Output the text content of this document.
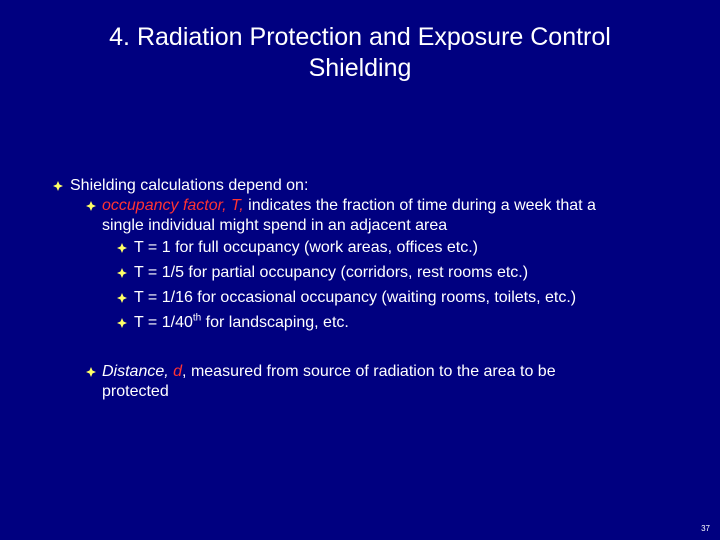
4. Radiation Protection and Exposure Control
Shielding
Shielding calculations depend on:
occupancy factor, T, indicates the fraction of time during a week that a
single individual might spend in an adjacent area
T = 1 for full occupancy (work areas, offices etc.)
T = 1/5 for partial occupancy (corridors, rest rooms etc.)
T = 1/16 for occasional occupancy (waiting rooms, toilets, etc.)
T = 1/40th for landscaping, etc.
Distance, d, measured from source of radiation to the area to be
protected
37
